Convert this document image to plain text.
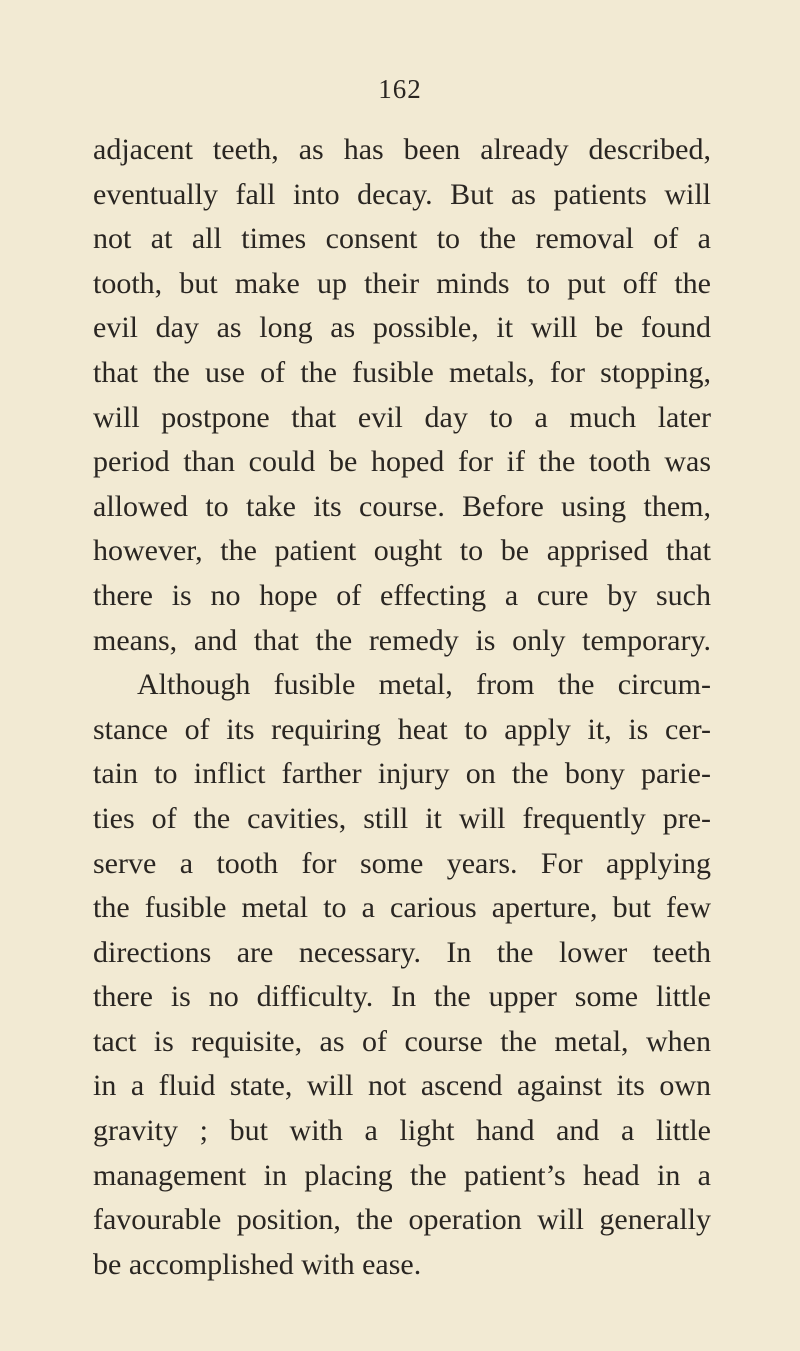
162
adjacent teeth, as has been already described,
eventually fall into decay. But as patients will
not at all times consent to the removal of a
tooth, but make up their minds to put off the
evil day as long as possible, it will be found
that the use of the fusible metals, for stopping,
will postpone that evil day to a much later
period than could be hoped for if the tooth was
allowed to take its course. Before using them,
however, the patient ought to be apprised that
there is no hope of effecting a cure by such
means, and that the remedy is only temporary.
Although fusible metal, from the circum-
stance of its requiring heat to apply it, is cer-
tain to inflict farther injury on the bony parie-
ties of the cavities, still it will frequently pre-
serve a tooth for some years. For applying
the fusible metal to a carious aperture, but few
directions are necessary. In the lower teeth
there is no difficulty. In the upper some little
tact is requisite, as of course the metal, when
in a fluid state, will not ascend against its own
gravity ; but with a light hand and a little
management in placing the patient’s head in a
favourable position, the operation will generally
be accomplished with ease.
